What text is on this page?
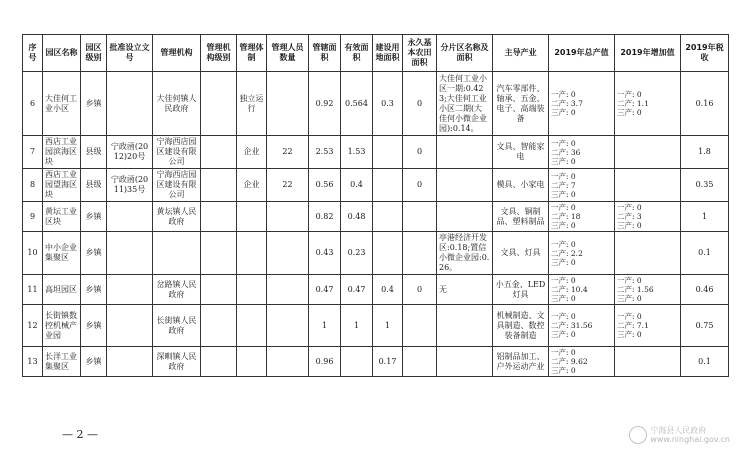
序号	园区名称	园区级别	批准设立文号	管理机构	管理机构级别	管理体制	管理人员数量	管辖面积	有效面积	建设用地面积	永久基本农田面积	分片区名称及面积	主导产业	2019年总产值	2019年增加值	2019年税收
6	大佳何工业小区	乡镇		大佳何镇人民政府		独立运行		0.92	0.564	0.3	0	大佳何工业小区一期:0.423;大佳何工业小区二期(大佳何小微企业园):0.14。	汽车零部件、轴承、五金、电子、高端装备	一产: 0
二产: 3.7
三产: 0	一产: 0
二产: 1.1
三产: 0	0.16
7	西店工业园滨海区块	县级	宁政函(2012)20号	宁海西店园区建设有限公司		企业	22	2.53	1.53		0		文具、智能家电	一产: 0
二产: 36
三产: 0		1.8
8	西店工业园望海区块	县级	宁政函(2011)35号	宁海西店园区建设有限公司		企业	22	0.56	0.4		0		模具、小家电	一产: 0
二产: 7
三产: 0		0.35
9	黄坛工业区块	乡镇		黄坛镇人民政府				0.82	0.48				文具、铜制品、塑料制品	一产: 0
二产: 18
三产: 0	一产: 0
二产: 3
三产: 0	1
10	中小企业集聚区	乡镇						0.43	0.23			亭港经济开发区:0.18;置信小微企业园:0.26。	文具、灯具	一产: 0
二产: 2.2
三产: 0		0.1
11	高坦园区	乡镇		岔路镇人民政府				0.47	0.47	0.4	0	无	小五金、LED灯具	一产: 0
二产: 10.4
三产: 0	一产: 0
二产: 1.56
三产: 0	0.46
12	长街镇数控机械产业园	乡镇		长街镇人民政府				1	1	1			机械制造、文具制造、数控装备制造	一产: 0
二产: 31.56
三产: 0	一产: 0
二产: 7.1
三产: 0	0.75
13	长洋工业集聚区	乡镇		深甽镇人民政府				0.96		0.17			铝制品加工、户外运动产业	一产: 0
二产: 9.62
三产: 0		0.1
— 2 —	宁海县人民政府
www.ninghai.gov.cn
